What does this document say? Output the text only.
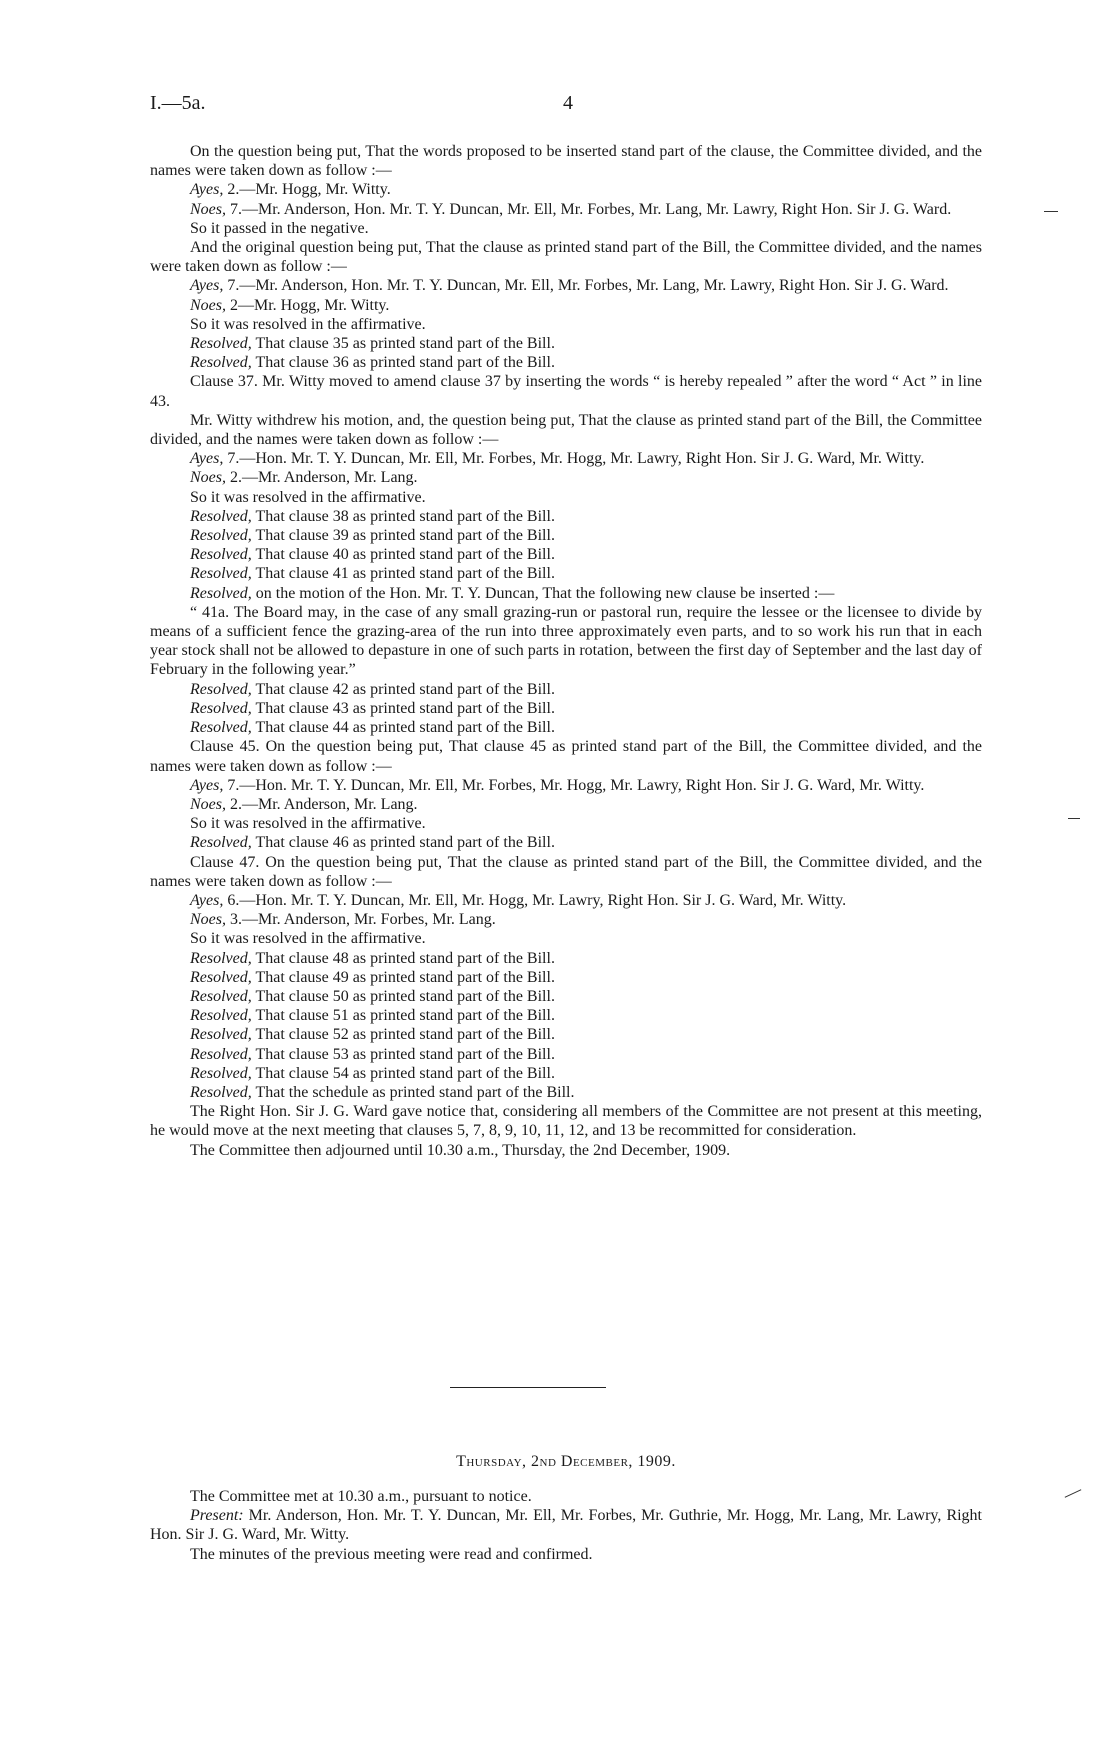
I.—5a.	4

On the question being put, That the words proposed to be inserted stand part of the clause, the Committee divided, and the names were taken down as follow :—

Ayes, 2.—Mr. Hogg, Mr. Witty.

Noes, 7.—Mr. Anderson, Hon. Mr. T. Y. Duncan, Mr. Ell, Mr. Forbes, Mr. Lang, Mr. Lawry, Right Hon. Sir J. G. Ward.

So it passed in the negative.

And the original question being put, That the clause as printed stand part of the Bill, the Committee divided, and the names were taken down as follow :—

Ayes, 7.—Mr. Anderson, Hon. Mr. T. Y. Duncan, Mr. Ell, Mr. Forbes, Mr. Lang, Mr. Lawry, Right Hon. Sir J. G. Ward.

Noes, 2—Mr. Hogg, Mr. Witty.

So it was resolved in the affirmative.

Resolved, That clause 35 as printed stand part of the Bill.

Resolved, That clause 36 as printed stand part of the Bill.

Clause 37. Mr. Witty moved to amend clause 37 by inserting the words “ is hereby repealed ” after the word “ Act ” in line 43.

Mr. Witty withdrew his motion, and, the question being put, That the clause as printed stand part of the Bill, the Committee divided, and the names were taken down as follow :—

Ayes, 7.—Hon. Mr. T. Y. Duncan, Mr. Ell, Mr. Forbes, Mr. Hogg, Mr. Lawry, Right Hon. Sir J. G. Ward, Mr. Witty.

Noes, 2.—Mr. Anderson, Mr. Lang.

So it was resolved in the affirmative.

Resolved, That clause 38 as printed stand part of the Bill.

Resolved, That clause 39 as printed stand part of the Bill.

Resolved, That clause 40 as printed stand part of the Bill.

Resolved, That clause 41 as printed stand part of the Bill.

Resolved, on the motion of the Hon. Mr. T. Y. Duncan, That the following new clause be inserted :—

“ 41a. The Board may, in the case of any small grazing-run or pastoral run, require the lessee or the licensee to divide by means of a sufficient fence the grazing-area of the run into three approximately even parts, and to so work his run that in each year stock shall not be allowed to depasture in one of such parts in rotation, between the first day of September and the last day of February in the following year.”

Resolved, That clause 42 as printed stand part of the Bill.

Resolved, That clause 43 as printed stand part of the Bill.

Resolved, That clause 44 as printed stand part of the Bill.

Clause 45. On the question being put, That clause 45 as printed stand part of the Bill, the Committee divided, and the names were taken down as follow :—

Ayes, 7.—Hon. Mr. T. Y. Duncan, Mr. Ell, Mr. Forbes, Mr. Hogg, Mr. Lawry, Right Hon. Sir J. G. Ward, Mr. Witty.

Noes, 2.—Mr. Anderson, Mr. Lang.

So it was resolved in the affirmative.

Resolved, That clause 46 as printed stand part of the Bill.

Clause 47. On the question being put, That the clause as printed stand part of the Bill, the Committee divided, and the names were taken down as follow :—

Ayes, 6.—Hon. Mr. T. Y. Duncan, Mr. Ell, Mr. Hogg, Mr. Lawry, Right Hon. Sir J. G. Ward, Mr. Witty.

Noes, 3.—Mr. Anderson, Mr. Forbes, Mr. Lang.

So it was resolved in the affirmative.

Resolved, That clause 48 as printed stand part of the Bill.

Resolved, That clause 49 as printed stand part of the Bill.

Resolved, That clause 50 as printed stand part of the Bill.

Resolved, That clause 51 as printed stand part of the Bill.

Resolved, That clause 52 as printed stand part of the Bill.

Resolved, That clause 53 as printed stand part of the Bill.

Resolved, That clause 54 as printed stand part of the Bill.

Resolved, That the schedule as printed stand part of the Bill.

The Right Hon. Sir J. G. Ward gave notice that, considering all members of the Committee are not present at this meeting, he would move at the next meeting that clauses 5, 7, 8, 9, 10, 11, 12, and 13 be recommitted for consideration.

The Committee then adjourned until 10.30 a.m., Thursday, the 2nd December, 1909.

Thursday, 2nd December, 1909.

The Committee met at 10.30 a.m., pursuant to notice.

Present: Mr. Anderson, Hon. Mr. T. Y. Duncan, Mr. Ell, Mr. Forbes, Mr. Guthrie, Mr. Hogg, Mr. Lang, Mr. Lawry, Right Hon. Sir J. G. Ward, Mr. Witty.

The minutes of the previous meeting were read and confirmed.
